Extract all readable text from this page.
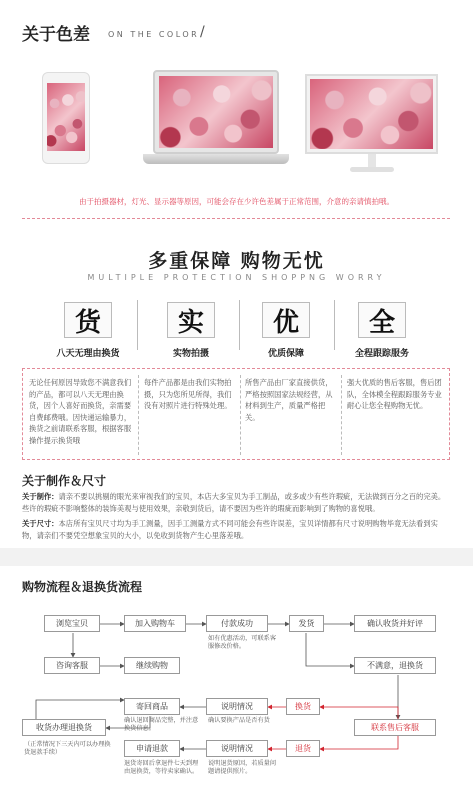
关于色差 ON THE COLOR /
由于拍摄器材，灯光、显示器等原因，可能会存在少许色差属于正常范围，介意的亲请慎拍哦。
多重保障 购物无忧
MULTIPLE PROTECTION SHOPPNG WORRY
货	实	优	全
八天无理由换货	实物拍摄	优质保障	全程跟踪服务
无论任何原因导致您不满意我们的产品，都可以八天无理由换货，因个人喜好而换货，亲需要自费邮费哦。因快递运输暴力，换货之前请联系客服，根据客服操作提示换货哦
每件产品都是由我们实物拍摄，只为您所见所得，我们没有对照片进行特殊处理。
所售产品由厂家直接供货，严格按照国家法规经营，从材料到生产，质量严格把关。
强大优质的售后客服，售后团队，全体模全程跟踪服务专业耐心让您全程购物无忧。
关于制作＆尺寸
关于制作：请亲不要以挑剔的眼光来审视我们的宝贝，本店大多宝贝为手工制品，或多或少有些许瑕疵，无法做到百分之百的完美。些许的瑕疵不影响整体的装饰美观与使用效果，亲敬到货后，请不要因为些许的瑕疵而影响到了购物的喜悦哦。
关于尺寸：本店所有宝贝尺寸均为手工测量，因手工测量方式不同可能会有些许误差，宝贝详情都有尺寸说明购物毕竟无法看到实物，请亲们不要凭空想象宝贝的大小，以免收到货物产生心里落差哦。
购物流程＆退换货流程
浏览宝贝	加入购物车	付款成功	发货	确认收货并好评
如有优惠活动，可联系客服修改价格。
咨询客服	继续购物	不满意，退换货
寄回商品	说明情况	换货
联系售后客服
确认退回商品完整，并注意换货信息。
确认要换产品是否有货
收货办理退换货
（正常情况下三天内可以办理换货退款手续）	申请退款	说明情况	退货
退货寄回后拿退件七天到理由退换货，等待卖家确认。
说明退货原因，若质量问题请提供照片。
